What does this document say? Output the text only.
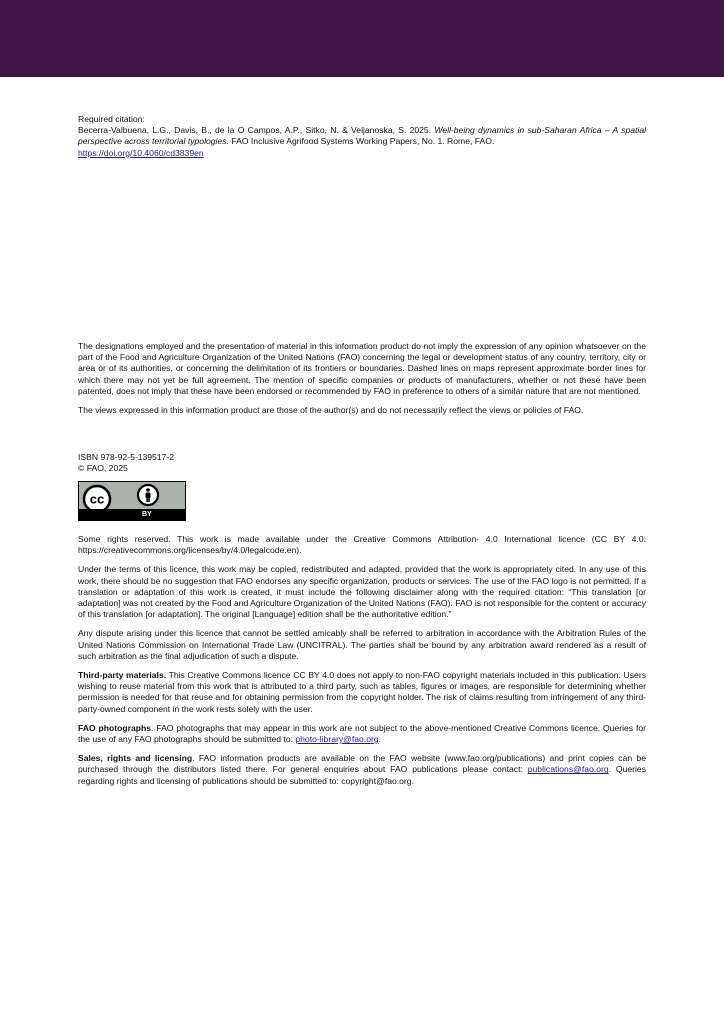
Required citation:

Becerra-Valbuena, L.G., Davis, B., de la O Campos, A.P., Sitko, N. & Veljanoska, S. 2025. Well-being dynamics in sub-Saharan Africa – A spatial perspective across territorial typologies. FAO Inclusive Agrifood Systems Working Papers, No. 1. Rome, FAO.
https://doi.org/10.4060/cd3839en

The designations employed and the presentation of material in this information product do not imply the expression of any opinion whatsoever on the part of the Food and Agriculture Organization of the United Nations (FAO) concerning the legal or development status of any country, territory, city or area or of its authorities, or concerning the delimitation of its frontiers or boundaries. Dashed lines on maps represent approximate border lines for which there may not yet be full agreement. The mention of specific companies or products of manufacturers, whether or not these have been patented, does not imply that these have been endorsed or recommended by FAO in preference to others of a similar nature that are not mentioned.

The views expressed in this information product are those of the author(s) and do not necessarily reflect the views or policies of FAO.

ISBN 978-92-5-139517-2

© FAO, 2025

cc
BY

Some rights reserved. This work is made available under the Creative Commons Attribution- 4.0 International licence (CC BY 4.0: https://creativecommons.org/licenses/by/4.0/legalcode.en).

Under the terms of this licence, this work may be copied, redistributed and adapted, provided that the work is appropriately cited. In any use of this work, there should be no suggestion that FAO endorses any specific organization, products or services. The use of the FAO logo is not permitted. If a translation or adaptation of this work is created, it must include the following disclaimer along with the required citation: “This translation [or adaptation] was not created by the Food and Agriculture Organization of the United Nations (FAO). FAO is not responsible for the content or accuracy of this translation [or adaptation]. The original [Language] edition shall be the authoritative edition.”

Any dispute arising under this licence that cannot be settled amicably shall be referred to arbitration in accordance with the Arbitration Rules of the United Nations Commission on International Trade Law (UNCITRAL). The parties shall be bound by any arbitration award rendered as a result of such arbitration as the final adjudication of such a dispute.

Third-party materials. This Creative Commons licence CC BY 4.0 does not apply to non-FAO copyright materials included in this publication. Users wishing to reuse material from this work that is attributed to a third party, such as tables, figures or images, are responsible for determining whether permission is needed for that reuse and for obtaining permission from the copyright holder. The risk of claims resulting from infringement of any third-party-owned component in the work rests solely with the user.

FAO photographs. FAO photographs that may appear in this work are not subject to the above-mentioned Creative Commons licence. Queries for the use of any FAO photographs should be submitted to: photo-library@fao.org.

Sales, rights and licensing. FAO information products are available on the FAO website (www.fao.org/publications) and print copies can be purchased through the distributors listed there. For general enquiries about FAO publications please contact: publications@fao.org. Queries regarding rights and licensing of publications should be submitted to: copyright@fao.org.
